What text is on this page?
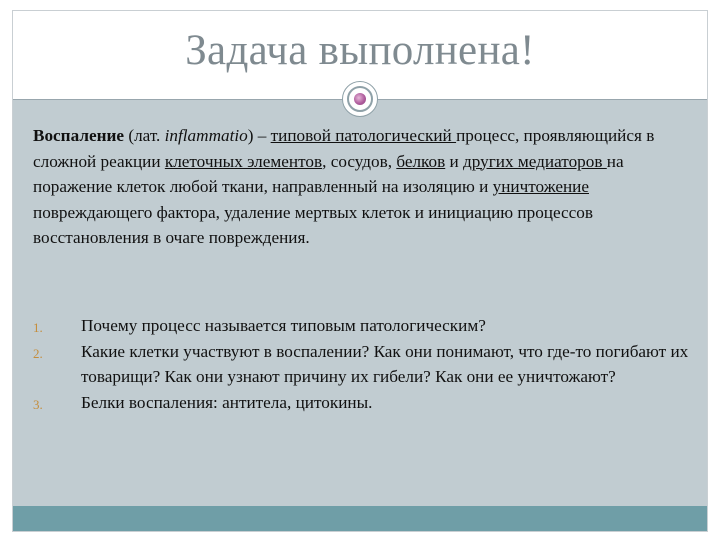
Задача выполнена!
Воспаление (лат. inflammatio) – типовой патологический процесс, проявляющийся в сложной реакции клеточных элементов, сосудов, белков и других медиаторов на поражение клеток любой ткани, направленный на изоляцию и уничтожение повреждающего фактора, удаление мертвых клеток и инициацию процессов восстановления в очаге повреждения.
1. Почему процесс называется типовым патологическим?
2. Какие клетки участвуют в воспалении? Как они понимают, что где-то погибают их товарищи? Как они узнают причину их гибели? Как они ее уничтожают?
3. Белки воспаления: антитела, цитокины.
